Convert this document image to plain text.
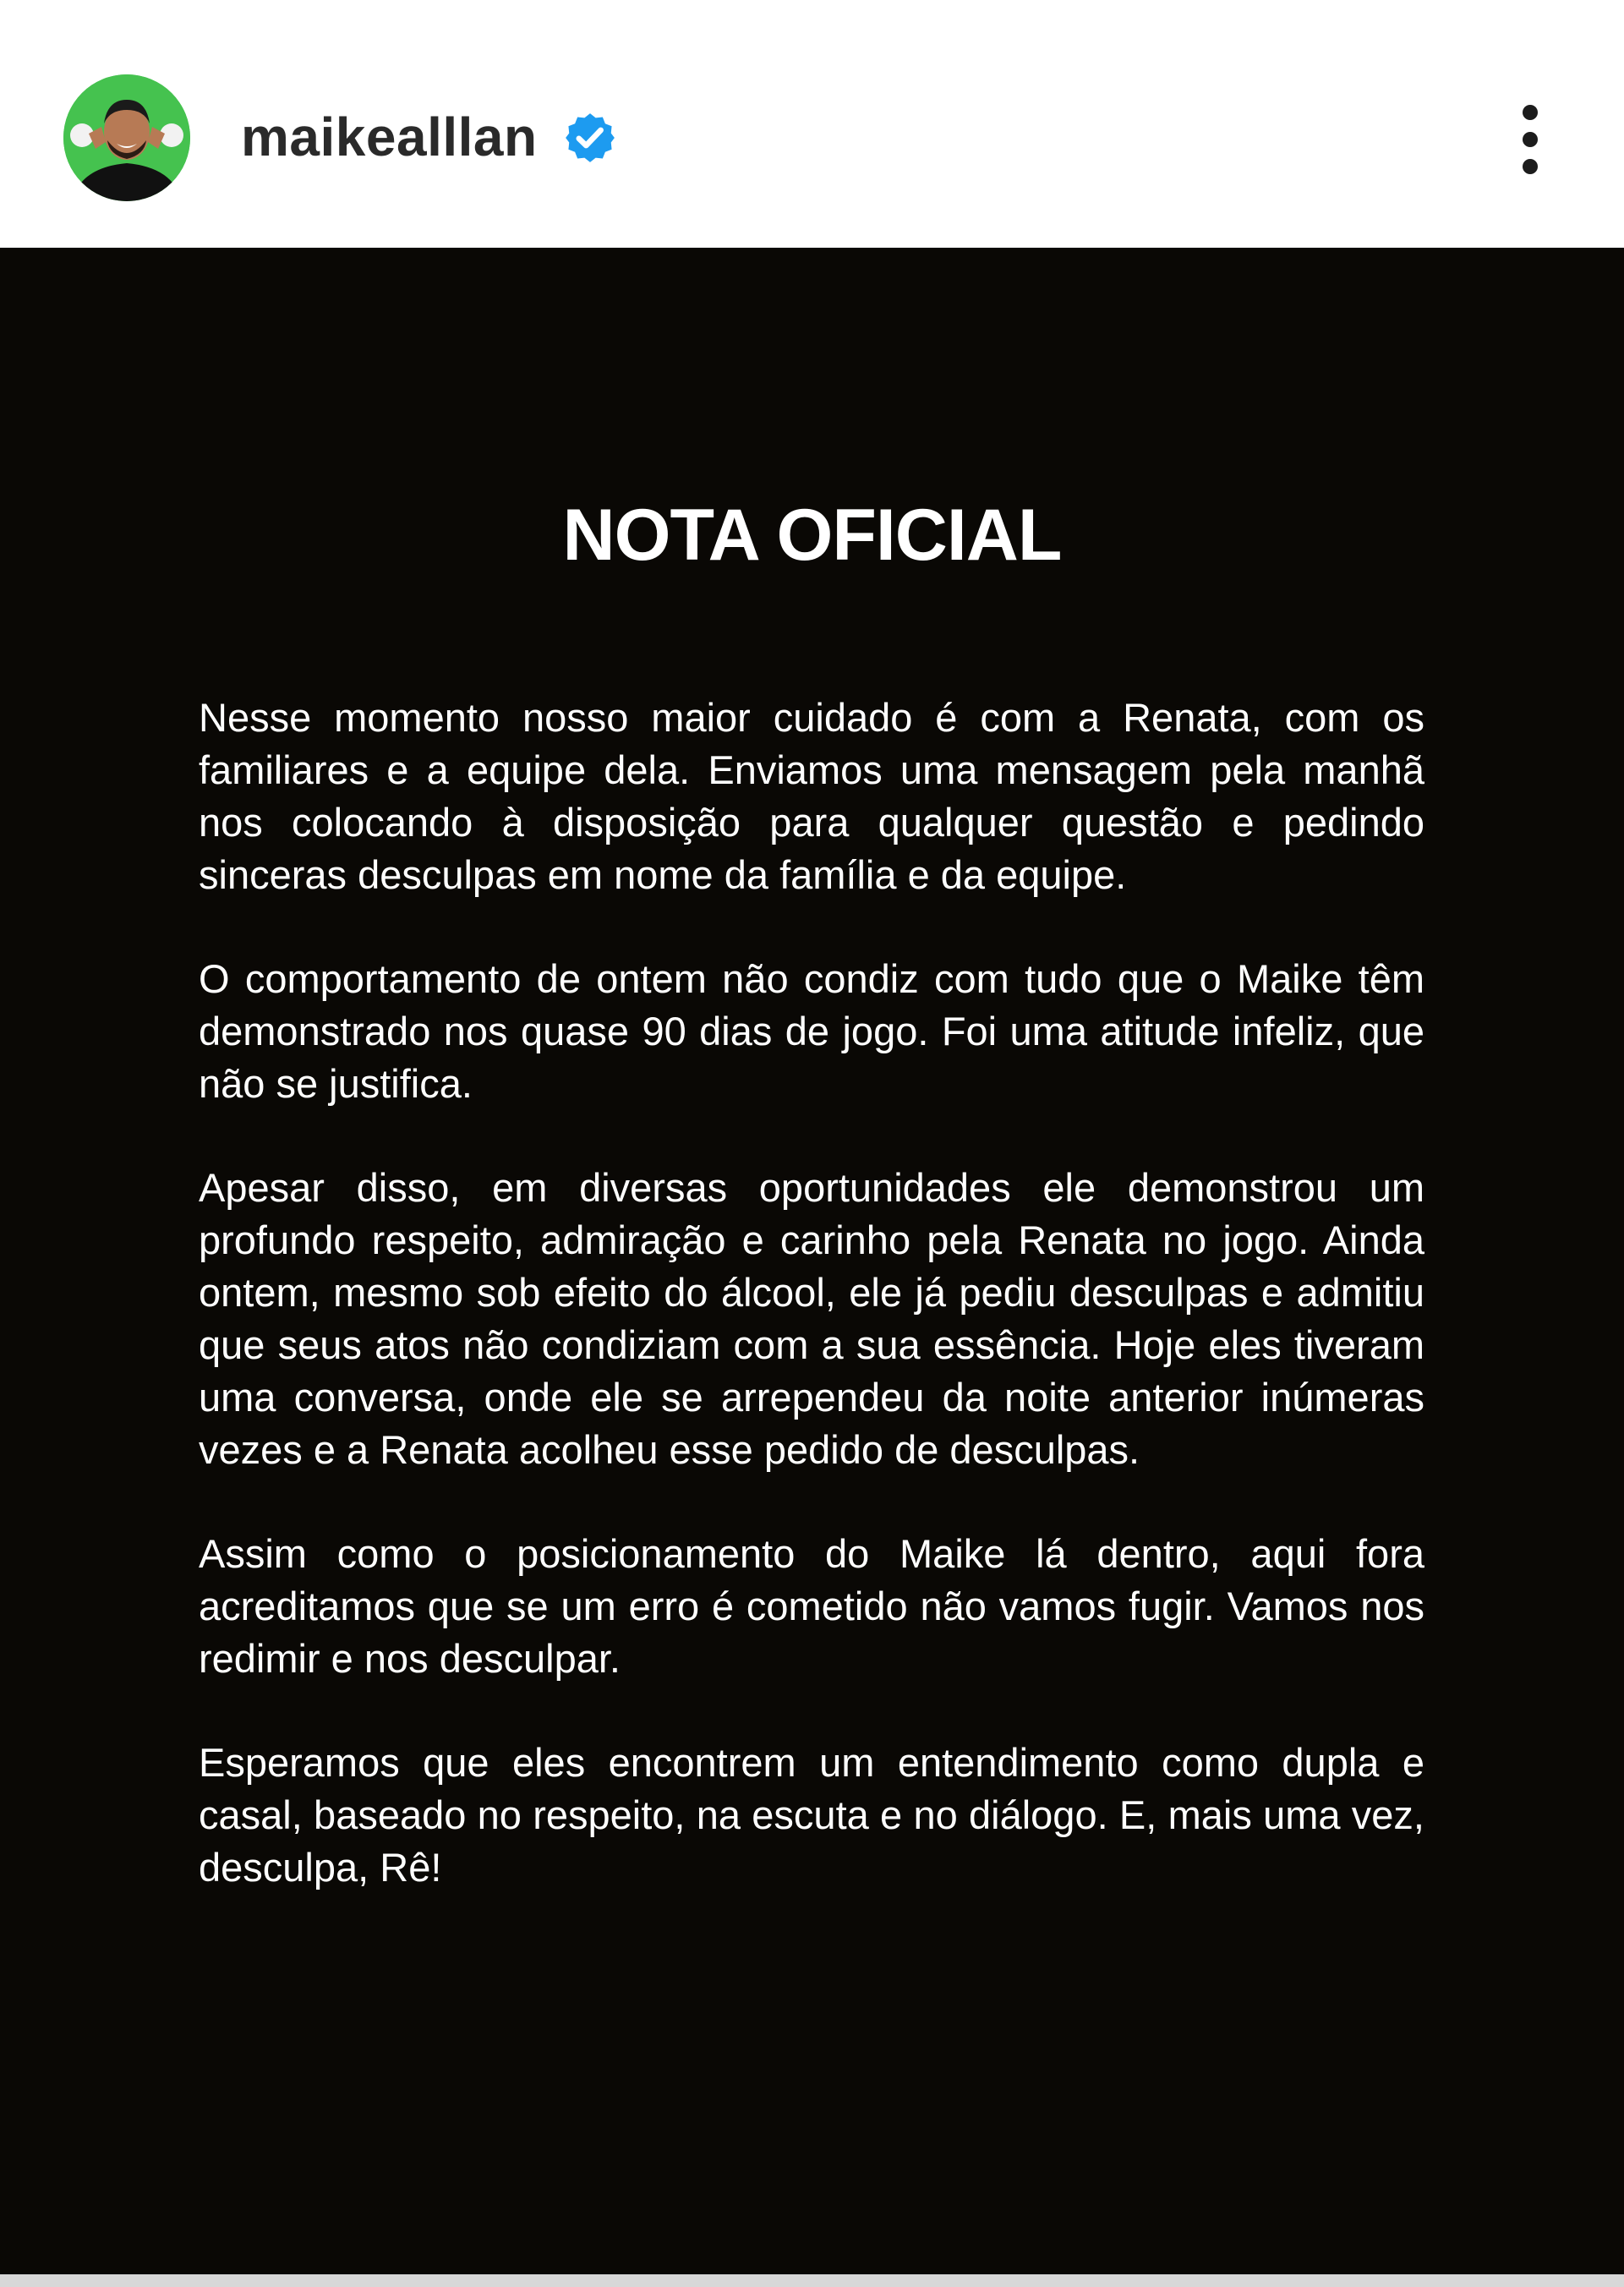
maikealllan
NOTA OFICIAL

Nesse momento nosso maior cuidado é com a Renata, com os familiares e a equipe dela. Enviamos uma mensagem pela manhã nos colocando à disposição para qualquer questão e pedindo sinceras desculpas em nome da família e da equipe.

O comportamento de ontem não condiz com tudo que o Maike têm demonstrado nos quase 90 dias de jogo. Foi uma atitude infeliz, que não se justifica.

Apesar disso, em diversas oportunidades ele demonstrou um profundo respeito, admiração e carinho pela Renata no jogo. Ainda ontem, mesmo sob efeito do álcool, ele já pediu desculpas e admitiu que seus atos não condiziam com a sua essência. Hoje eles tiveram uma conversa, onde ele se arrependeu da noite anterior inúmeras vezes e a Renata acolheu esse pedido de desculpas.

Assim como o posicionamento do Maike lá dentro, aqui fora acreditamos que se um erro é cometido não vamos fugir. Vamos nos redimir e nos desculpar.

Esperamos que eles encontrem um entendimento como dupla e casal, baseado no respeito, na escuta e no diálogo. E, mais uma vez, desculpa, Rê!
